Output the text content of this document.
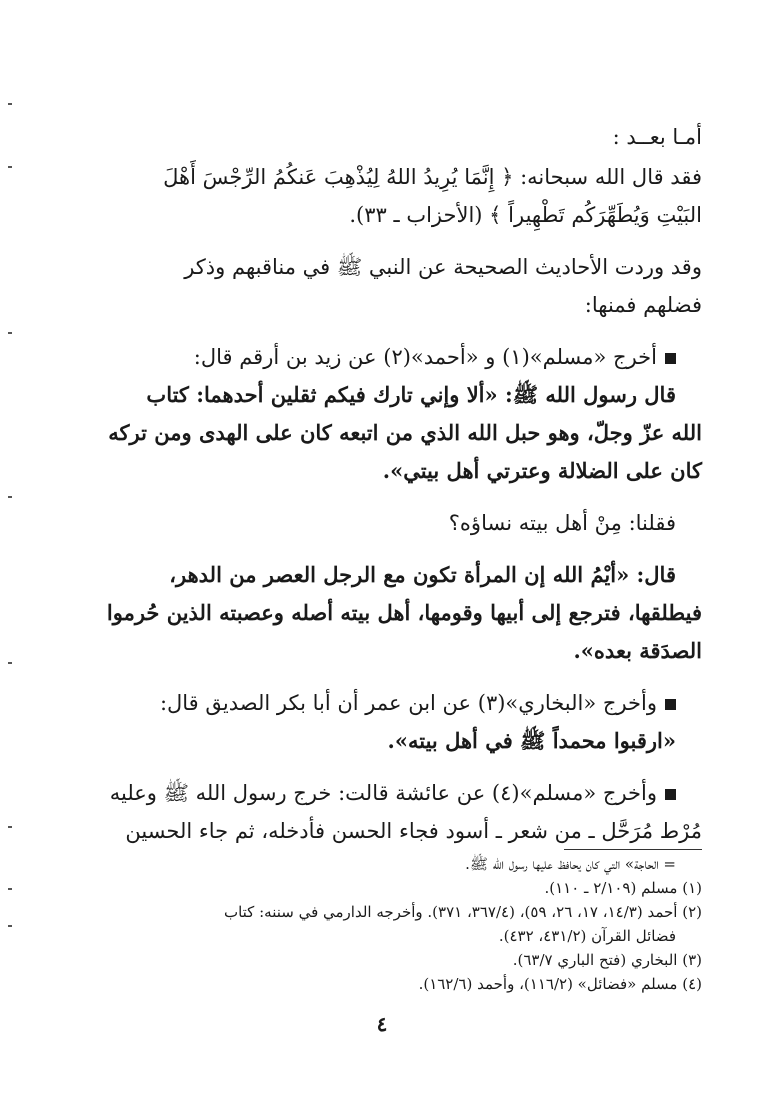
أمـا بعــد :
فقد قال الله سبحانه: ﴿ إِنَّمَا يُرِيدُ اللهُ لِيُذْهِبَ عَنكُمُ الرِّجْسَ أَهْلَ
البَيْتِ وَيُطَهِّرَكُم تَطْهِيراً ﴾ (الأحزاب ـ ٣٣).
وقد وردت الأحاديث الصحيحة عن النبي ﷺ في مناقبهم وذكر
فضلهم فمنها:
أخرج «مسلم»(١) و «أحمد»(٢) عن زيد بن أرقم قال:
قال رسول الله ﷺ: «ألا وإني تارك فيكم ثقلين أحدهما: كتاب
الله عزّ وجلّ، وهو حبل الله الذي من اتبعه كان على الهدى ومن تركه
كان على الضلالة وعترتي أهل بيتي».
فقلنا: مِنْ أهل بيته نساؤه؟
قال: «أيْمُ الله إن المرأة تكون مع الرجل العصر من الدهر،
فيطلقها، فترجع إلى أبيها وقومها، أهل بيته أصله وعصبته الذين حُرموا
الصدَقة بعده».
وأخرج «البخاري»(٣) عن ابن عمر أن أبا بكر الصديق قال:
«ارقبوا محمداً ﷺ في أهل بيته».
وأخرج «مسلم»(٤) عن عائشة قالت: خرج رسول الله ﷺ وعليه
مُرْط مُرَحَّل ـ من شعر ـ أسود فجاء الحسن فأدخله، ثم جاء الحسين
= الحاجة» التي كان يحافظ عليها رسول الله ﷺ.
(١) مسلم (٢/١٠٩ ـ ١١٠).
(٢) أحمد (١٤/٣، ١٧، ٢٦، ٥٩)، (٣٦٧/٤، ٣٧١). وأخرجه الدارمي في سننه: كتاب
فضائل القرآن (٤٣١/٢، ٤٣٢).
(٣) البخاري (فتح الباري ٦٣/٧).
(٤) مسلم «فضائل» (١١٦/٢)، وأحمد (١٦٢/٦).
٤
